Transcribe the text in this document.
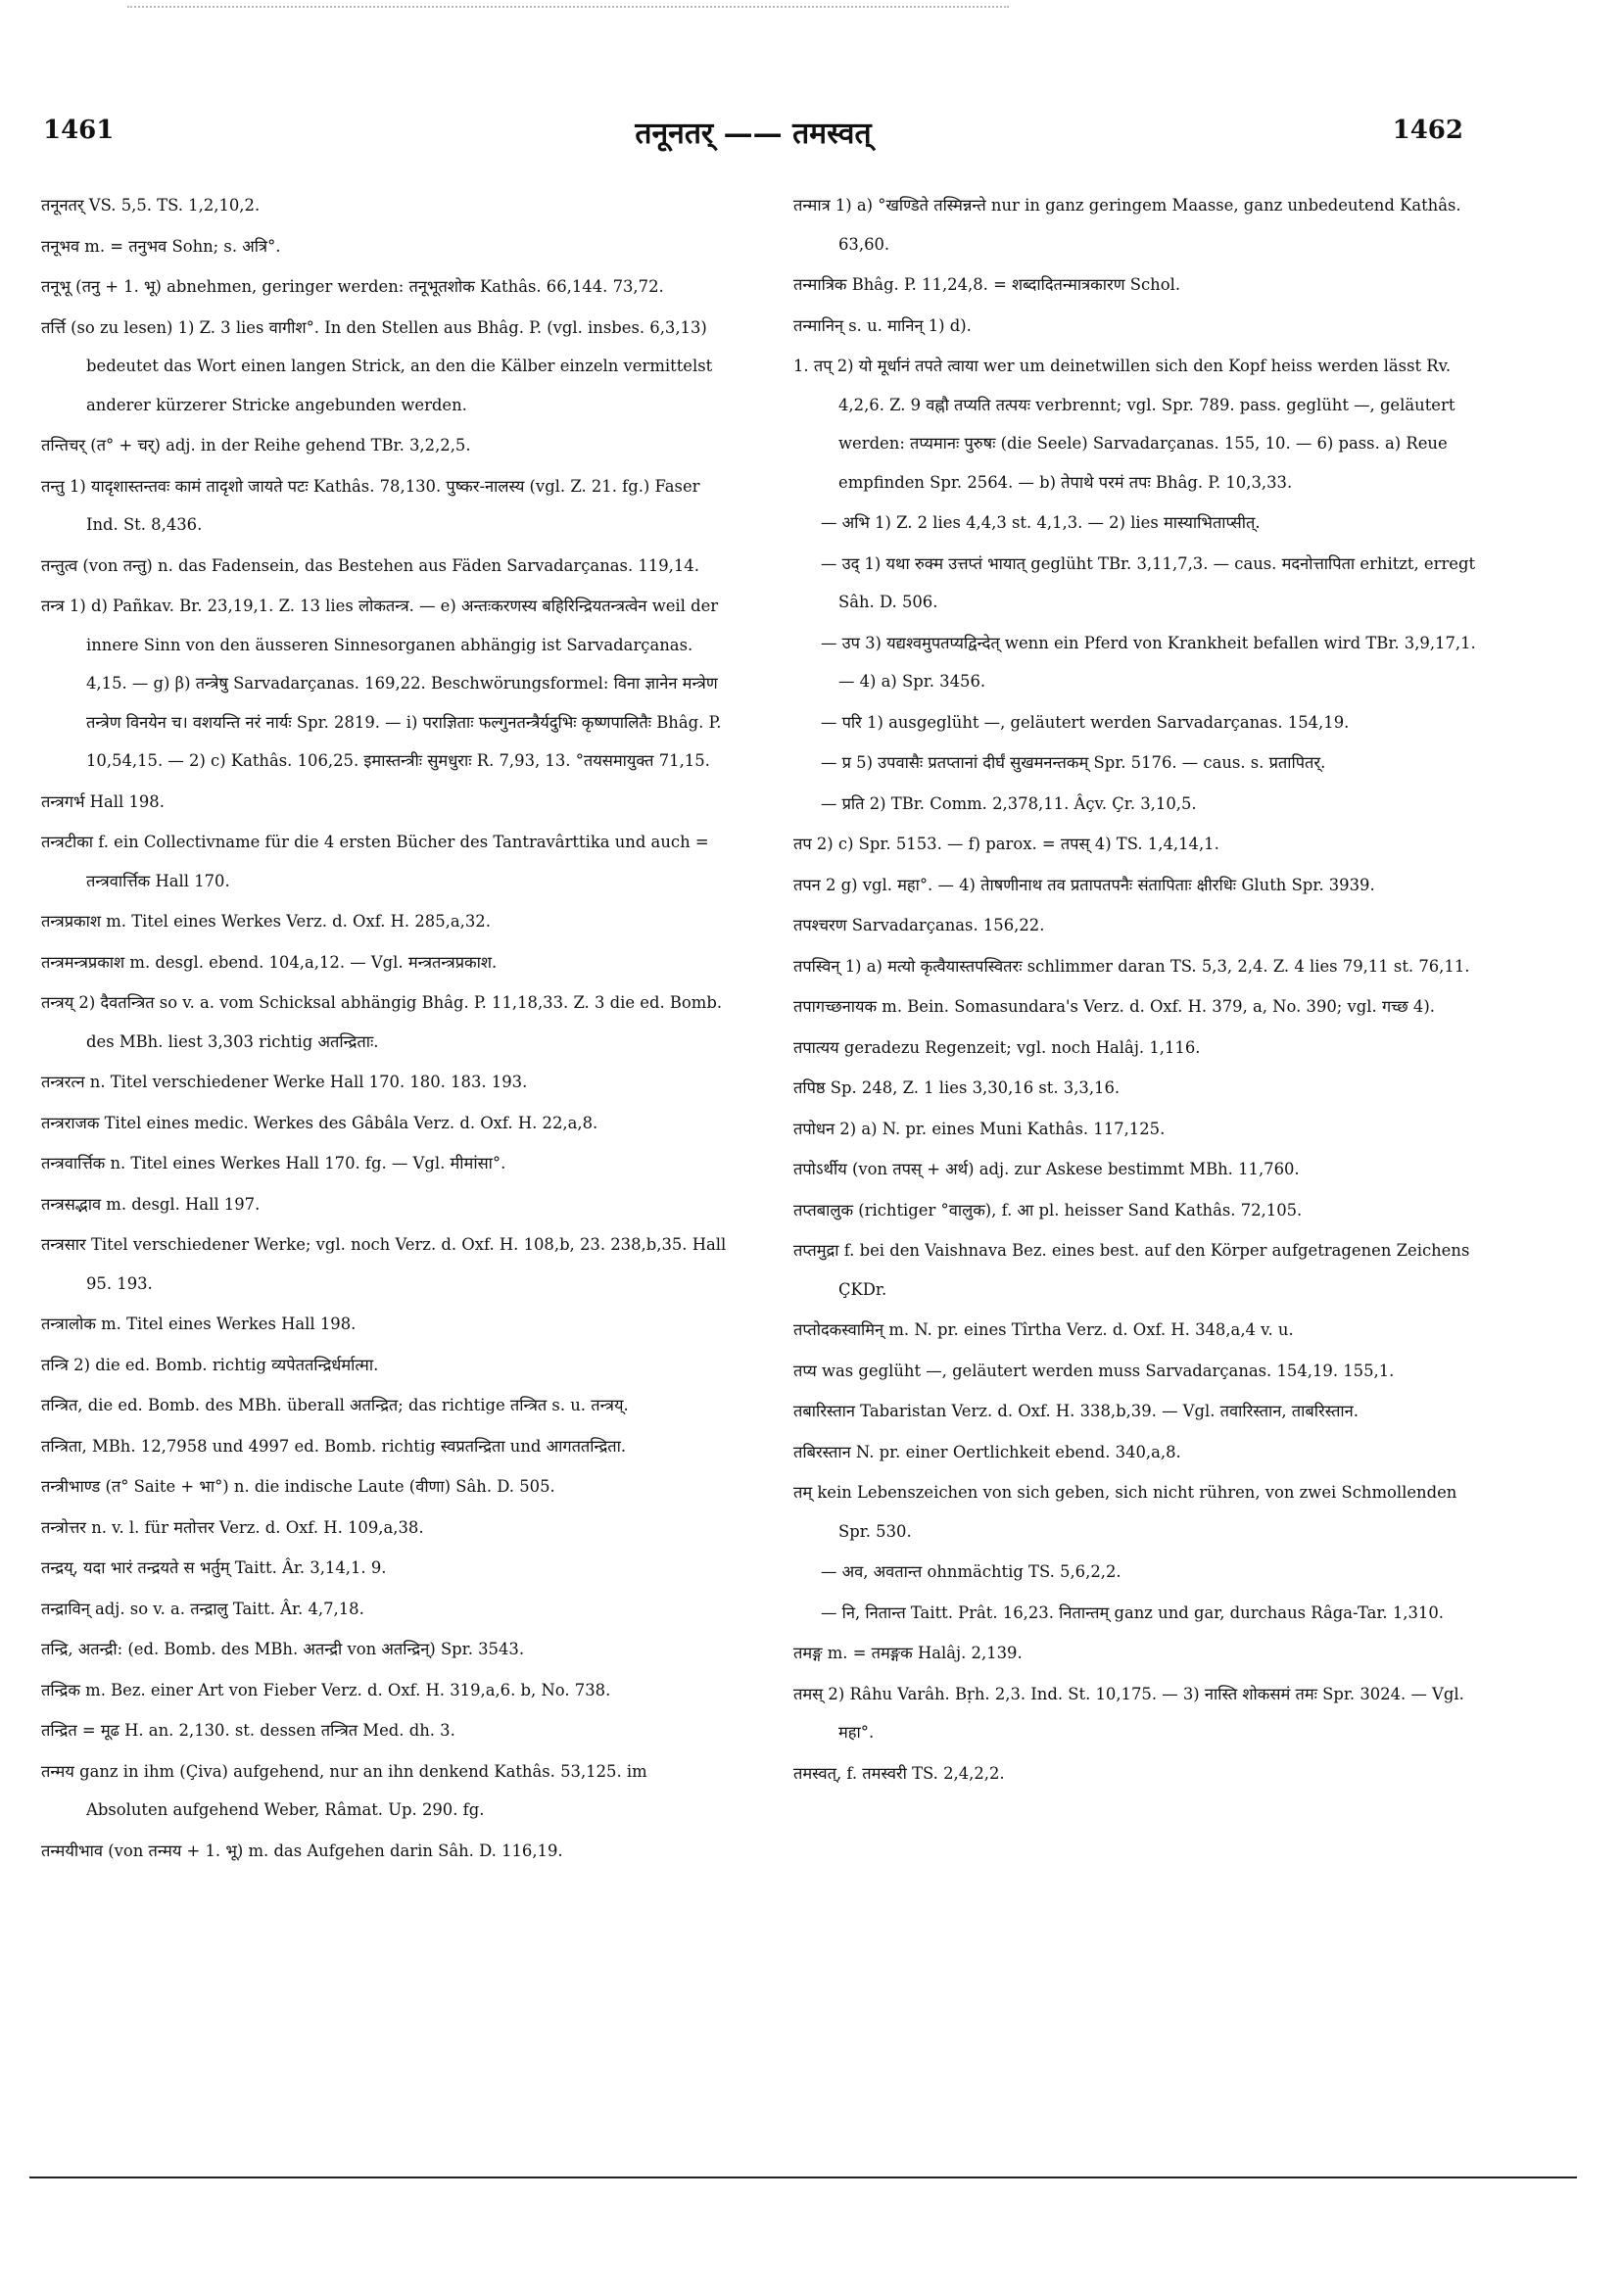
1461	तनूनतर् —— तमस्वत्	1462

तनूनतर् VS. 5,5. TS. 1,2,10,2.

तनूभव m. = तनुभव Sohn; s. अत्रि°.

तनूभू (तनु + 1. भू) abnehmen, geringer werden: तनूभूतशोक Kathâs. 66,144. 73,72.

तर्त्ति (so zu lesen) 1) Z. 3 lies वागीश°. In den Stellen aus Bhâg. P. (vgl. insbes. 6,3,13) bedeutet das Wort einen langen Strick, an den die Kälber einzeln vermittelst anderer kürzerer Stricke angebunden werden.

तन्तिचर् (त° + चर्) adj. in der Reihe gehend TBr. 3,2,2,5.

तन्तु 1) यादृशास्तन्तवः कामं तादृशो जायते पटः Kathâs. 78,130. पुष्कर-नालस्य (vgl. Z. 21. fg.) Faser Ind. St. 8,436.

तन्तुत्व (von तन्तु) n. das Fadensein, das Bestehen aus Fäden Sarvadarçanas. 119,14.

तन्त्र 1) d) Pañkav. Br. 23,19,1. Z. 13 lies लोकतन्त्र. — e) अन्तःकरणस्य बहिरिन्द्रियतन्त्रत्वेन weil der innere Sinn von den äusseren Sinnesorganen abhängig ist Sarvadarçanas. 4,15. — g) β) तन्त्रेषु Sarvadarçanas. 169,22. Beschwörungsformel: विना ज्ञानेन मन्त्रेण तन्त्रेण विनयेन च। वशयन्ति नरं नार्यः Spr. 2819. — i) पराज्ञिताः फल्गुनतन्त्रैर्यदुभिः कृष्णपालितैः Bhâg. P. 10,54,15. — 2) c) Kathâs. 106,25. इमास्तन्त्रीः सुमधुराः R. 7,93, 13. °तयसमायुक्त 71,15.

तन्त्रगर्भ Hall 198.

तन्त्रटीका f. ein Collectivname für die 4 ersten Bücher des Tantravârttika und auch = तन्त्रवार्त्तिक Hall 170.

तन्त्रप्रकाश m. Titel eines Werkes Verz. d. Oxf. H. 285,a,32.

तन्त्रमन्त्रप्रकाश m. desgl. ebend. 104,a,12. — Vgl. मन्त्रतन्त्रप्रकाश.

तन्त्रय् 2) दैवतन्त्रित so v. a. vom Schicksal abhängig Bhâg. P. 11,18,33. Z. 3 die ed. Bomb. des MBh. liest 3,303 richtig अतन्द्रिताः.

तन्त्ररत्न n. Titel verschiedener Werke Hall 170. 180. 183. 193.

तन्त्रराजक Titel eines medic. Werkes des Gâbâla Verz. d. Oxf. H. 22,a,8.

तन्त्रवार्त्तिक n. Titel eines Werkes Hall 170. fg. — Vgl. मीमांसा°.

तन्त्रसद्भाव m. desgl. Hall 197.

तन्त्रसार Titel verschiedener Werke; vgl. noch Verz. d. Oxf. H. 108,b, 23. 238,b,35. Hall 95. 193.

तन्त्रालोक m. Titel eines Werkes Hall 198.

तन्त्रि 2) die ed. Bomb. richtig व्यपेततन्द्रिर्धर्मात्मा.

तन्त्रित, die ed. Bomb. des MBh. überall अतन्द्रित; das richtige तन्त्रित s. u. तन्त्रय्.

तन्त्रिता, MBh. 12,7958 und 4997 ed. Bomb. richtig स्वप्रतन्द्रिता und आगततन्द्रिता.

तन्त्रीभाण्ड (त° Saite + भा°) n. die indische Laute (वीणा) Sâh. D. 505.

तन्त्रोत्तर n. v. l. für मतोत्तर Verz. d. Oxf. H. 109,a,38.

तन्द्रय्, यदा भारं तन्द्रयते स भर्तुम् Taitt. Âr. 3,14,1. 9.

तन्द्राविन् adj. so v. a. तन्द्रालु Taitt. Âr. 4,7,18.

तन्द्रि, अतन्द्री: (ed. Bomb. des MBh. अतन्द्री von अतन्द्रिन्) Spr. 3543.

तन्द्रिक m. Bez. einer Art von Fieber Verz. d. Oxf. H. 319,a,6. b, No. 738.

तन्द्रित = मूढ H. an. 2,130. st. dessen तन्त्रित Med. dh. 3.

तन्मय ganz in ihm (Çiva) aufgehend, nur an ihn denkend Kathâs. 53,125. im Absoluten aufgehend Weber, Râmat. Up. 290. fg.

तन्मयीभाव (von तन्मय + 1. भू) m. das Aufgehen darin Sâh. D. 116,19.

तन्मात्र 1) a) °खण्डिते तस्मिन्नन्ते nur in ganz geringem Maasse, ganz unbedeutend Kathâs. 63,60.

तन्मात्रिक Bhâg. P. 11,24,8. = शब्दादितन्मात्रकारण Schol.

तन्मानिन् s. u. मानिन् 1) d).

1. तप् 2) यो मूर्धानं तपते त्वाया wer um deinetwillen sich den Kopf heiss werden lässt Rv. 4,2,6. Z. 9 वह्नौ तप्यति तत्पयः verbrennt; vgl. Spr. 789. pass. geglüht —, geläutert werden: तप्यमानः पुरुषः (die Seele) Sarvadarçanas. 155, 10. — 6) pass. a) Reue empfinden Spr. 2564. — b) तेपाथे परमं तपः Bhâg. P. 10,3,33.

— अभि 1) Z. 2 lies 4,4,3 st. 4,1,3. — 2) lies मास्याभिताप्सीत्.

— उद् 1) यथा रुक्म उत्तप्तं भायात् geglüht TBr. 3,11,7,3. — caus. मदनोत्तापिता erhitzt, erregt Sâh. D. 506.

— उप 3) यद्यश्वमुपतप्यद्विन्देत् wenn ein Pferd von Krankheit befallen wird TBr. 3,9,17,1. — 4) a) Spr. 3456.

— परि 1) ausgeglüht —, geläutert werden Sarvadarçanas. 154,19.

— प्र 5) उपवासैः प्रतप्तानां दीर्घं सुखमनन्तकम् Spr. 5176. — caus. s. प्रतापितर्.

— प्रति 2) TBr. Comm. 2,378,11. Âçv. Çr. 3,10,5.

तप 2) c) Spr. 5153. — f) parox. = तपस् 4) TS. 1,4,14,1.

तपन 2 g) vgl. महा°. — 4) तेाषणीनाथ तव प्रतापतपनैः संतापिताः क्षीरधिः Gluth Spr. 3939.

तपश्चरण Sarvadarçanas. 156,22.

तपस्विन् 1) a) मत्यो कृत्वैयास्तपस्वितरः schlimmer daran TS. 5,3, 2,4. Z. 4 lies 79,11 st. 76,11.

तपागच्छनायक m. Bein. Somasundara's Verz. d. Oxf. H. 379, a, No. 390; vgl. गच्छ 4).

तपात्यय geradezu Regenzeit; vgl. noch Halâj. 1,116.

तपिष्ठ Sp. 248, Z. 1 lies 3,30,16 st. 3,3,16.

तपोधन 2) a) N. pr. eines Muni Kathâs. 117,125.

तपोऽर्थीय (von तपस् + अर्थ) adj. zur Askese bestimmt MBh. 11,760.

तप्तबालुक (richtiger °वालुक), f. आ pl. heisser Sand Kathâs. 72,105.

तप्तमुद्रा f. bei den Vaishnava Bez. eines best. auf den Körper aufgetragenen Zeichens ÇKDr.

तप्तोदकस्वामिन् m. N. pr. eines Tîrtha Verz. d. Oxf. H. 348,a,4 v. u.

तप्य was geglüht —, geläutert werden muss Sarvadarçanas. 154,19. 155,1.

तबारिस्तान Tabaristan Verz. d. Oxf. H. 338,b,39. — Vgl. तवारिस्तान, ताबरिस्तान.

तबिरस्तान N. pr. einer Oertlichkeit ebend. 340,a,8.

तम् kein Lebenszeichen von sich geben, sich nicht rühren, von zwei Schmollenden Spr. 530.

— अव, अवतान्त ohnmächtig TS. 5,6,2,2.

— नि, नितान्त Taitt. Prât. 16,23. नितान्तम् ganz und gar, durchaus Râga-Tar. 1,310.

तमङ्ग m. = तमङ्गक Halâj. 2,139.

तमस् 2) Râhu Varâh. Bṛh. 2,3. Ind. St. 10,175. — 3) नास्ति शोकसमं तमः Spr. 3024. — Vgl. महा°.

तमस्वत्, f. तमस्वरी TS. 2,4,2,2.
